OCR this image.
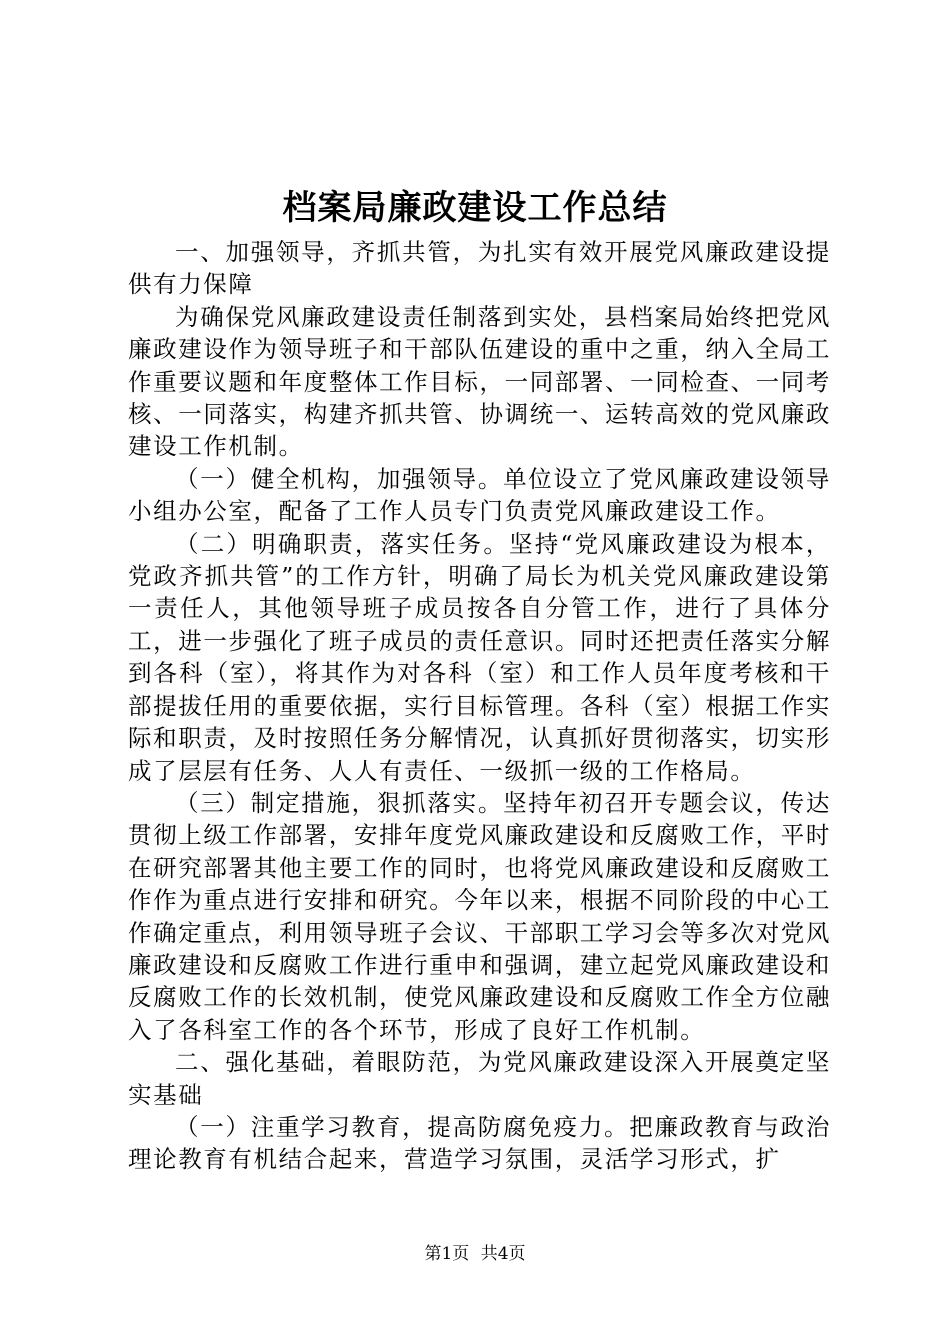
档案局廉政建设工作总结

一、加强领导，齐抓共管，为扎实有效开展党风廉政建设提供有力保障

为确保党风廉政建设责任制落到实处，县档案局始终把党风廉政建设作为领导班子和干部队伍建设的重中之重，纳入全局工作重要议题和年度整体工作目标，一同部署、一同检查、一同考核、一同落实，构建齐抓共管、协调统一、运转高效的党风廉政建设工作机制。

（一）健全机构，加强领导。单位设立了党风廉政建设领导小组办公室，配备了工作人员专门负责党风廉政建设工作。

（二）明确职责，落实任务。坚持“党风廉政建设为根本，党政齐抓共管”的工作方针，明确了局长为机关党风廉政建设第一责任人，其他领导班子成员按各自分管工作，进行了具体分工，进一步强化了班子成员的责任意识。同时还把责任落实分解到各科（室），将其作为对各科（室）和工作人员年度考核和干部提拔任用的重要依据，实行目标管理。各科（室）根据工作实际和职责，及时按照任务分解情况，认真抓好贯彻落实，切实形成了层层有任务、人人有责任、一级抓一级的工作格局。

（三）制定措施，狠抓落实。坚持年初召开专题会议，传达贯彻上级工作部署，安排年度党风廉政建设和反腐败工作，平时在研究部署其他主要工作的同时，也将党风廉政建设和反腐败工作作为重点进行安排和研究。今年以来，根据不同阶段的中心工作确定重点，利用领导班子会议、干部职工学习会等多次对党风廉政建设和反腐败工作进行重申和强调，建立起党风廉政建设和反腐败工作的长效机制，使党风廉政建设和反腐败工作全方位融入了各科室工作的各个环节，形成了良好工作机制。

二、强化基础，着眼防范，为党风廉政建设深入开展奠定坚实基础

（一）注重学习教育，提高防腐免疫力。把廉政教育与政治理论教育有机结合起来，营造学习氛围，灵活学习形式，扩

第1页 共4页
